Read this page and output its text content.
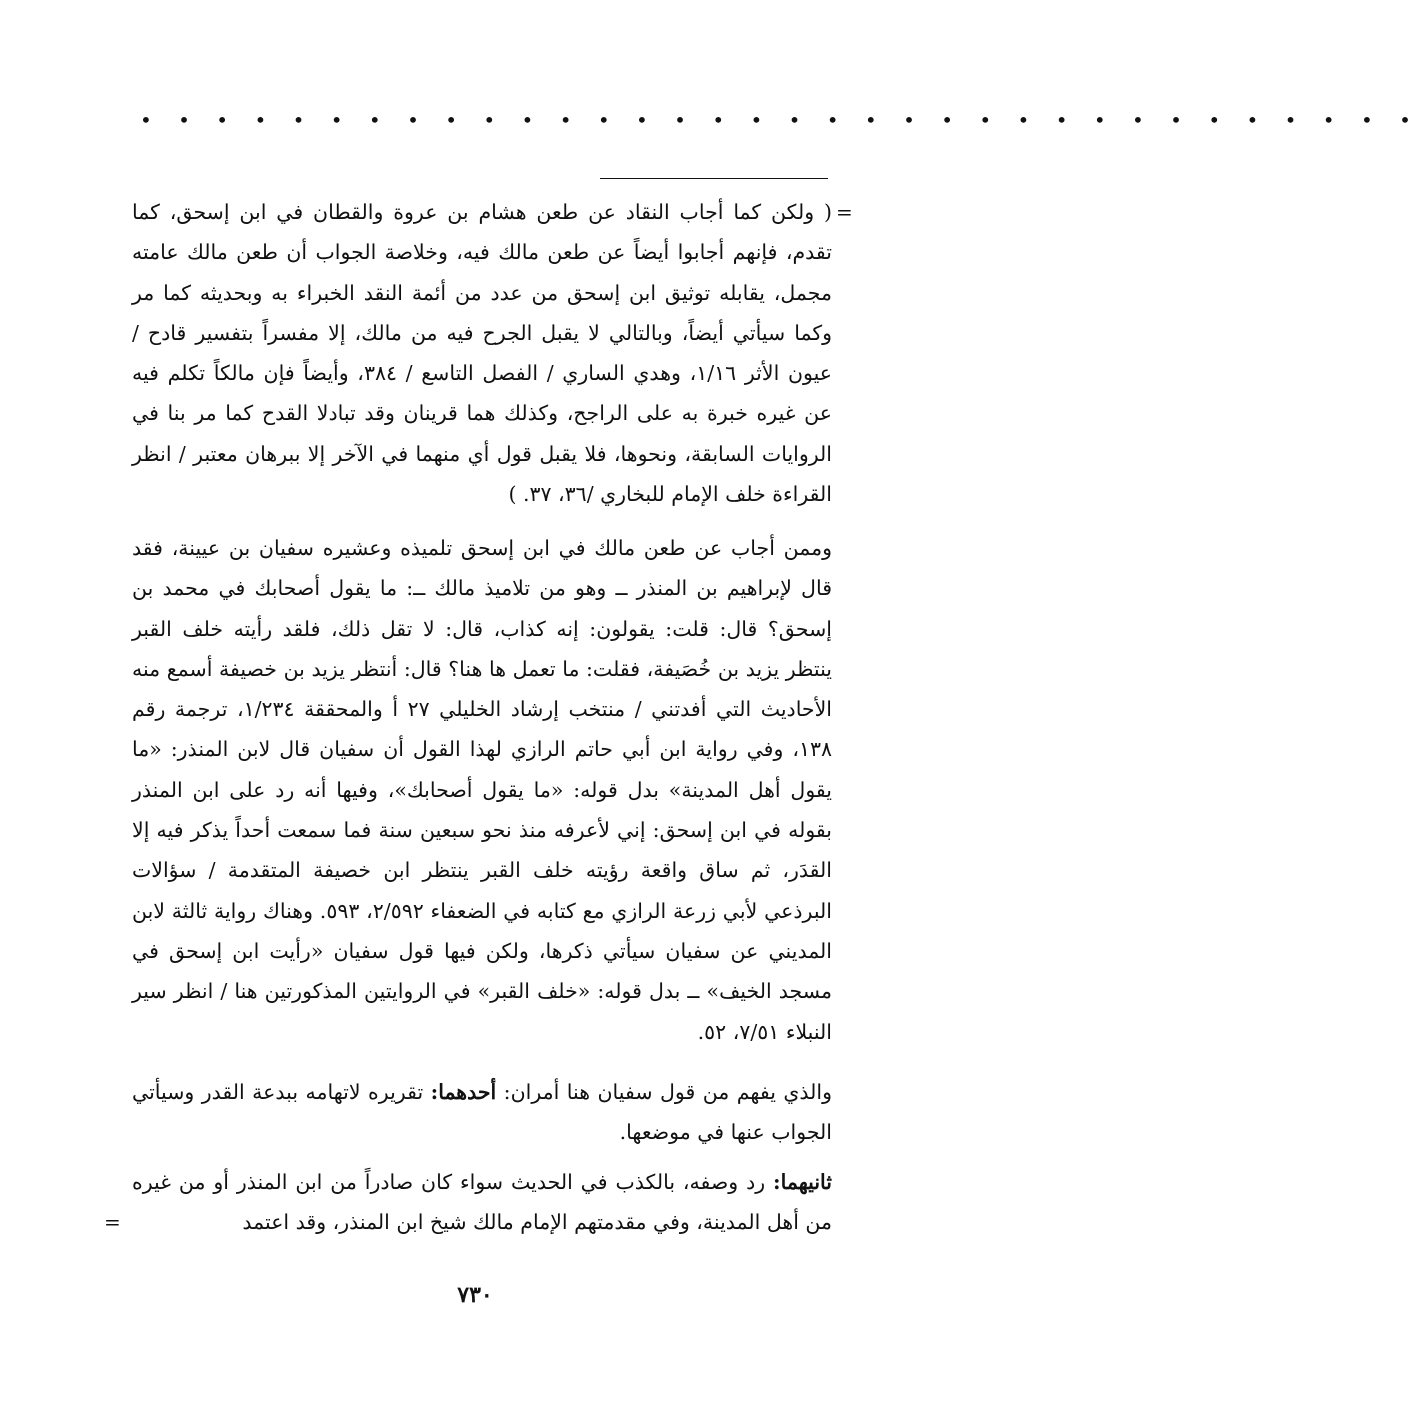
• • • • • • • • • • • • • • • • • • • • • • • • • • • • • • • • • •
=

( ولكن كما أجاب النقاد عن طعن هشام بن عروة والقطان في ابن إسحق، كما تقدم، فإنهم أجابوا أيضاً عن طعن مالك فيه، وخلاصة الجواب أن طعن مالك عامته مجمل، يقابله توثيق ابن إسحق من عدد من أئمة النقد الخبراء به وبحديثه كما مر وكما سيأتي أيضاً، وبالتالي لا يقبل الجرح فيه من مالك، إلا مفسراً بتفسير قادح / عيون الأثر ١/١٦، وهدي الساري / الفصل التاسع / ٣٨٤، وأيضاً فإن مالكاً تكلم فيه عن غيره خبرة به على الراجح، وكذلك هما قرينان وقد تبادلا القدح كما مر بنا في الروايات السابقة، ونحوها، فلا يقبل قول أي منهما في الآخر إلا ببرهان معتبر / انظر القراءة خلف الإمام للبخاري /٣٦، ٣٧. )

وممن أجاب عن طعن مالك في ابن إسحق تلميذه وعشيره سفيان بن عيينة، فقد قال لإبراهيم بن المنذر ــ وهو من تلاميذ مالك ــ: ما يقول أصحابك في محمد بن إسحق؟ قال: قلت: يقولون: إنه كذاب، قال: لا تقل ذلك، فلقد رأيته خلف القبر ينتظر يزيد بن خُصَيفة، فقلت: ما تعمل ها هنا؟ قال: أنتظر يزيد بن خصيفة أسمع منه الأحاديث التي أفدتني / منتخب إرشاد الخليلي ٢٧ أ والمحققة ١/٢٣٤، ترجمة رقم ١٣٨، وفي رواية ابن أبي حاتم الرازي لهذا القول أن سفيان قال لابن المنذر: «ما يقول أهل المدينة» بدل قوله: «ما يقول أصحابك»، وفيها أنه رد على ابن المنذر بقوله في ابن إسحق: إني لأعرفه منذ نحو سبعين سنة فما سمعت أحداً يذكر فيه إلا القدَر، ثم ساق واقعة رؤيته خلف القبر ينتظر ابن خصيفة المتقدمة / سؤالات البرذعي لأبي زرعة الرازي مع كتابه في الضعفاء ٢/٥٩٢، ٥٩٣. وهناك رواية ثالثة لابن المديني عن سفيان سيأتي ذكرها، ولكن فيها قول سفيان «رأيت ابن إسحق في مسجد الخيف» ــ بدل قوله: «خلف القبر» في الروايتين المذكورتين هنا / انظر سير النبلاء ٧/٥١، ٥٢.

والذي يفهم من قول سفيان هنا أمران: أحدهما: تقريره لاتهامه ببدعة القدر وسيأتي الجواب عنها في موضعها.

ثانيهما: رد وصفه، بالكذب في الحديث سواء كان صادراً من ابن المنذر أو من غيره من أهل المدينة، وفي مقدمتهم الإمام مالك شيخ ابن المنذر، وقد اعتمد

=
٧٣٠
